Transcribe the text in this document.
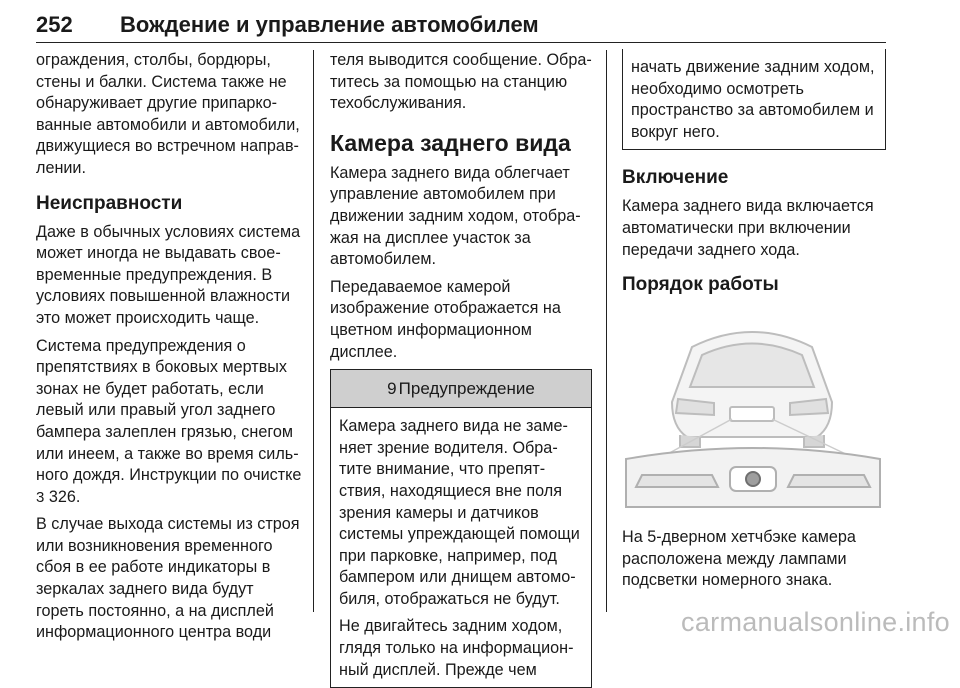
252 Вождение и управление автомобилем
ограждения, столбы, бордюры, стены и балки. Система также не обнаруживает другие припаркованные автомобили и автомобили, движущиеся во встречном направлении.
Неисправности
Даже в обычных условиях система может иногда не выдавать своевременные предупреждения. В условиях повышенной влажности это может происходить чаще.
Система предупреждения о препятствиях в боковых мертвых зонах не будет работать, если левый или правый угол заднего бампера залеплен грязью, снегом или инеем, а также во время сильного дождя. Инструкции по очистке 3 326.
В случае выхода системы из строя или возникновения временного сбоя в ее работе индикаторы в зеркалах заднего вида будут гореть постоянно, а на дисплей информационного центра води
теля выводится сообщение. Обратитесь за помощью на станцию техобслуживания.
Камера заднего вида
Камера заднего вида облегчает управление автомобилем при движении задним ходом, отображая на дисплее участок за автомобилем.
Передаваемое камерой изображение отображается на цветном информационном дисплее.
9 Предупреждение
Камера заднего вида не заменяет зрение водителя. Обратите внимание, что препятствия, находящиеся вне поля зрения камеры и датчиков системы упреждающей помощи при парковке, например, под бампером или днищем автомобиля, отображаться не будут.
Не двигайтесь задним ходом, глядя только на информационный дисплей. Прежде чем
начать движение задним ходом, необходимо осмотреть пространство за автомобилем и вокруг него.
Включение
Камера заднего вида включается автоматически при включении передачи заднего хода.
Порядок работы
На 5-дверном хетчбэке камера расположена между лампами подсветки номерного знака.
carmanualsonline.info
